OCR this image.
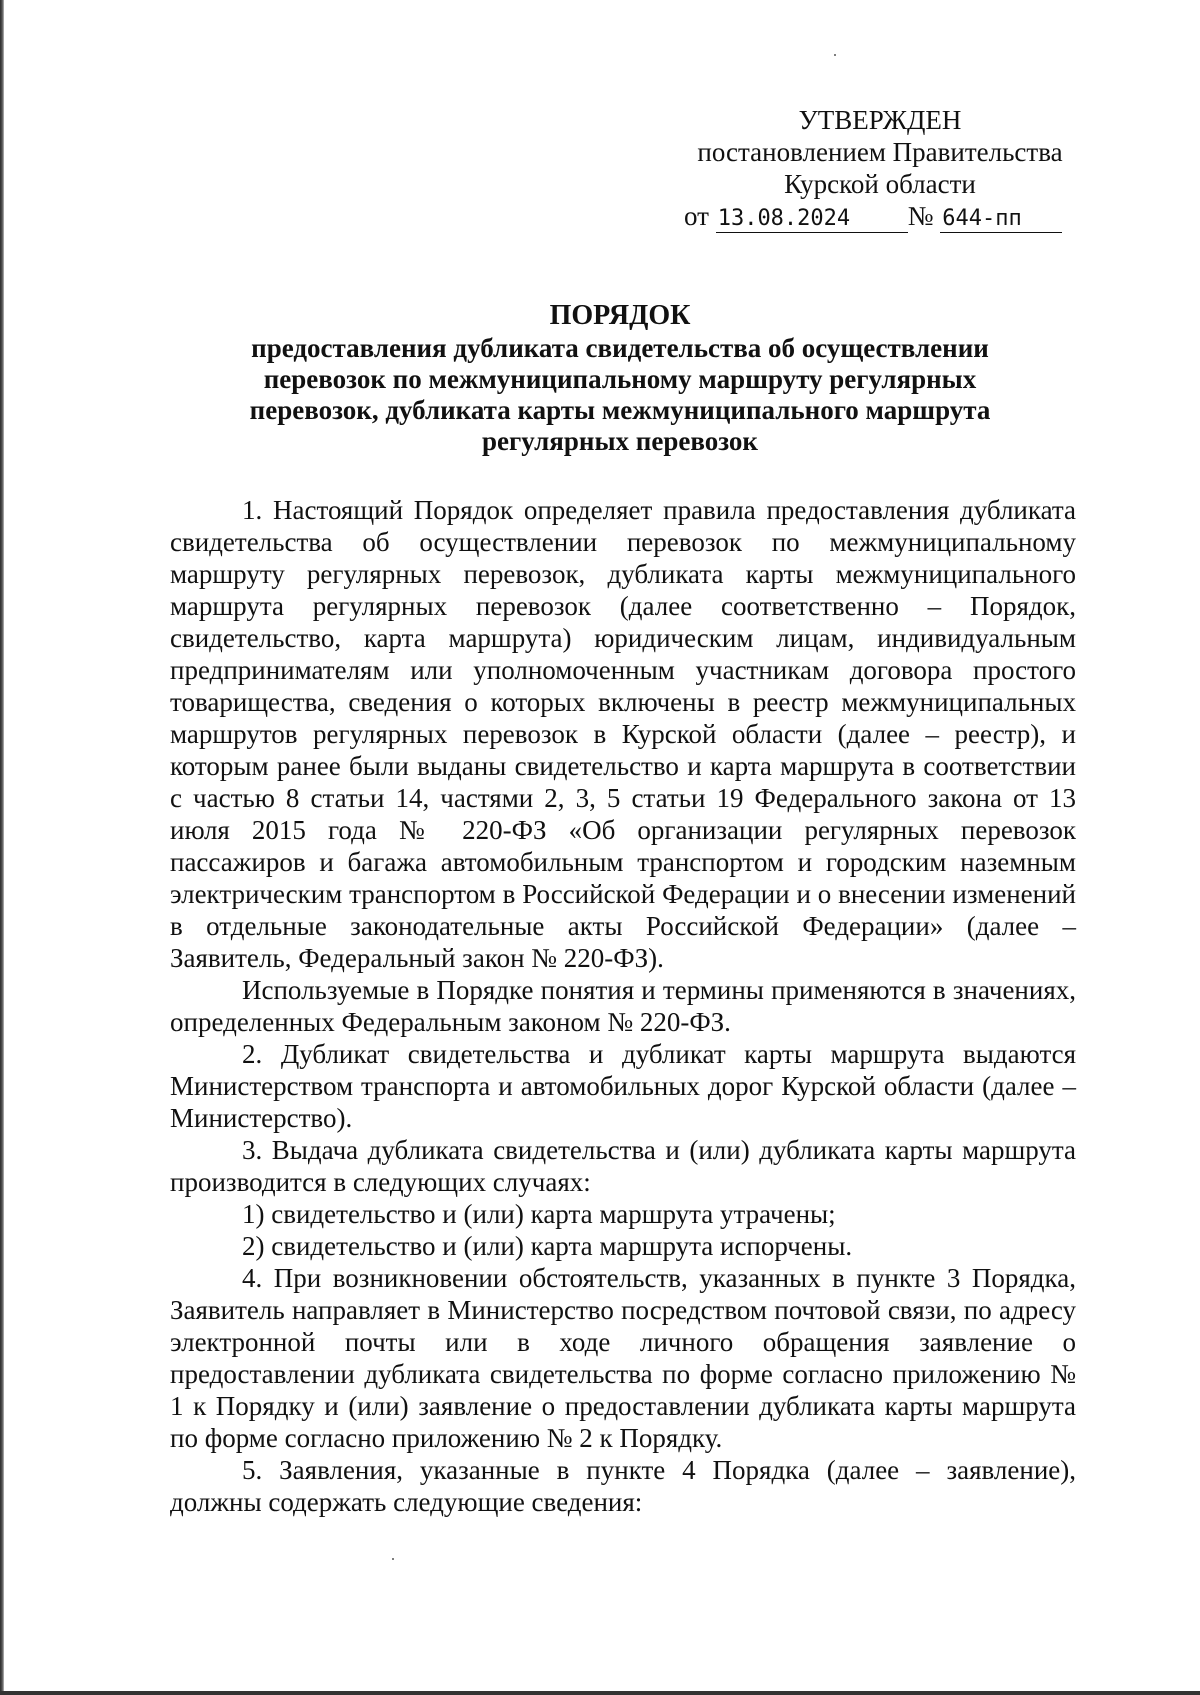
УТВЕРЖДЕН
постановлением Правительства
Курской области
от 13.08.2024 № 644-пп
ПОРЯДОК
предоставления дубликата свидетельства об осуществлении
перевозок по межмуниципальному маршруту регулярных
перевозок, дубликата карты межмуниципального маршрута
регулярных перевозок

1. Настоящий Порядок определяет правила предоставления дубликата свидетельства об осуществлении перевозок по межмуниципальному маршруту регулярных перевозок, дубликата карты межмуниципального маршрута регулярных перевозок (далее соответственно – Порядок, свидетельство, карта маршрута) юридическим лицам, индивидуальным предпринимателям или уполномоченным участникам договора простого товарищества, сведения о которых включены в реестр межмуниципальных маршрутов регулярных перевозок в Курской области (далее – реестр), и которым ранее были выданы свидетельство и карта маршрута в соответствии с частью 8 статьи 14, частями 2, 3, 5 статьи 19 Федерального закона от 13 июля 2015 года № 220-ФЗ «Об организации регулярных перевозок пассажиров и багажа автомобильным транспортом и городским наземным электрическим транспортом в Российской Федерации и о внесении изменений в отдельные законодательные акты Российской Федерации» (далее – Заявитель, Федеральный закон № 220-ФЗ).

Используемые в Порядке понятия и термины применяются в значениях, определенных Федеральным законом № 220-ФЗ.

2. Дубликат свидетельства и дубликат карты маршрута выдаются Министерством транспорта и автомобильных дорог Курской области (далее – Министерство).

3. Выдача дубликата свидетельства и (или) дубликата карты маршрута производится в следующих случаях:

1) свидетельство и (или) карта маршрута утрачены;

2) свидетельство и (или) карта маршрута испорчены.

4. При возникновении обстоятельств, указанных в пункте 3 Порядка, Заявитель направляет в Министерство посредством почтовой связи, по адресу электронной почты или в ходе личного обращения заявление о предоставлении дубликата свидетельства по форме согласно приложению № 1 к Порядку и (или) заявление о предоставлении дубликата карты маршрута по форме согласно приложению № 2 к Порядку.

5. Заявления, указанные в пункте 4 Порядка (далее – заявление), должны содержать следующие сведения:
